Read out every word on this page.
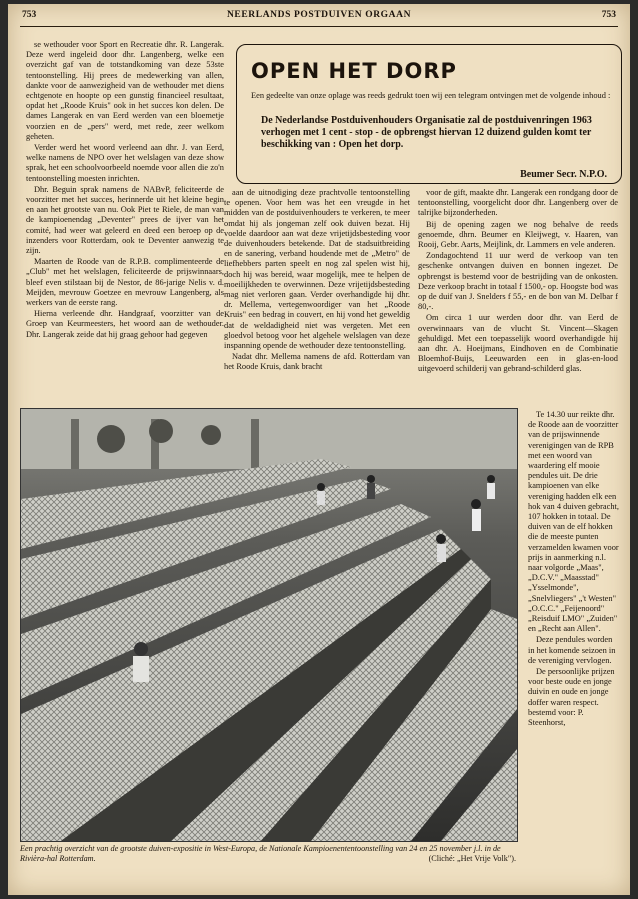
753	NEERLANDS POSTDUIVEN ORGAAN	753

se wethouder voor Sport en Recreatie dhr. R. Langerak. Deze werd ingeleid door dhr. Langenberg, welke een overzicht gaf van de totstandkoming van deze 53ste tentoonstelling. Hij prees de medewerking van allen, dankte voor de aanwezigheid van de wethouder met diens echtgenote en hoopte op een gunstig financieel resultaat, opdat het „Roode Kruis" ook in het succes kon delen. De dames Langerak en van Eerd werden van een bloemetje voorzien en de „pers" werd, met rede, zeer welkom geheten.

Verder werd het woord verleend aan dhr. J. van Eerd, welke namens de NPO over het welslagen van deze show sprak, het een schoolvoorbeeld noemde voor allen die zo'n tentoonstelling moesten inrichten.

Dhr. Beguin sprak namens de NABvP, feliciteerde de voorzitter met het succes, herinnerde uit het kleine begin en aan het grootste van nu. Ook Piet te Riele, de man van de kampioenendag „Deventer" prees de ijver van het comité, had weer wat geleerd en deed een beroep op de inzenders voor Rotterdam, ook te Deventer aanwezig te zijn.

Maarten de Roode van de R.P.B. complimenteerde de „Club" met het welslagen, feliciteerde de prijswinnaars, bleef even stilstaan bij de Nestor, de 86-jarige Nelis v. d. Meijden, mevrouw Goetzee en mevrouw Langenberg, als werkers van de eerste rang.

Hierna verleende dhr. Handgraaf, voorzitter van de Groep van Keurmeesters, het woord aan de wethouder. Dhr. Langerak zeide dat hij graag gehoor had gegeven

OPEN HET DORP
Een gedeelte van onze oplage was reeds gedrukt toen wij een telegram ontvingen met de volgende inhoud :
De Nederlandse Postduivenhouders Organisatie zal de postduivenringen 1963 verhogen met 1 cent - stop - de opbrengst hiervan 12 duizend gulden komt ter beschikking van : Open het dorp.
Beumer Secr. N.P.O.

aan de uitnodiging deze prachtvolle tentoonstelling te openen. Voor hem was het een vreugde in het midden van de postduivenhouders te verkeren, te meer omdat hij als jongeman zelf ook duiven bezat. Hij voelde daardoor aan wat deze vrijetijdsbesteding voor de duivenhouders betekende. Dat de stadsuitbreiding en de sanering, verband houdende met de „Metro" de liefhebbers parten speelt en nog zal spelen wist hij, doch hij was bereid, waar mogelijk, mee te helpen de moeilijkheden te overwinnen. Deze vrijetijdsbesteding mag niet verloren gaan. Verder overhandigde hij dhr. dr. Mellema, vertegenwoordiger van het „Roode Kruis" een bedrag in couvert, en hij vond het geweldig dat de weldadigheid niet was vergeten. Met een gloedvol betoog voor het algehele welslagen van deze inspanning opende de wethouder deze tentoonstelling.

Nadat dhr. Mellema namens de afd. Rotterdam van het Roode Kruis, dank bracht

voor de gift, maakte dhr. Langerak een rondgang door de tentoonstelling, voorgelicht door dhr. Langenberg over de talrijke bijzonderheden.

Bij de opening zagen we nog behalve de reeds genoemde, dhrn. Beumer en Kleijwegt, v. Haaren, van Rooij, Gebr. Aarts, Meijlink, dr. Lammers en vele anderen.

Zondagochtend 11 uur werd de verkoop van ten geschenke ontvangen duiven en bonnen ingezet. De opbrengst is bestemd voor de bestrijding van de onkosten. Deze verkoop bracht in totaal f 1500,- op. Hoogste bod was op de duif van J. Snelders f 55,- en de bon van M. Delbar f 80,-.

Om circa 1 uur werden door dhr. van Eerd de overwinnaars van de vlucht St. Vincent—Skagen gehuldigd. Met een toepasselijk woord overhandigde hij aan dhr. A. Hoeijmans, Eindhoven en de Combinatie Bloemhof-Buijs, Leeuwarden een in glas-en-lood uitgevoerd schilderij van gebrand-schilderd glas.

Te 14.30 uur reikte dhr. de Roode aan de voorzitter van de prijswinnende verenigingen van de RPB met een woord van waardering elf mooie pendules uit. De drie kampioenen van elke vereniging hadden elk een hok van 4 duiven gebracht, 107 hokken in totaal. De duiven van de elf hokken die de meeste punten verzamelden kwamen voor prijs in aanmerking n.l. naar volgorde „Maas", „D.C.V." „Maasstad" „Ysselmonde", „Snelvliegers" „'t Westen" „O.C.C." „Feijenoord" „Reisduif LMO" „Zuiden" en „Recht aan Allen".

Deze pendules worden in het komende seizoen in de vereniging vervlogen.

De persoonlijke prijzen voor beste oude en jonge duivin en oude en jonge doffer waren respect. bestemd voor: P. Steenhorst,

Een prachtig overzicht van de grootste duiven-expositie in West-Europa, de Nationale Kampioenententoonstelling van 24 en 25 november j.l. in de Rivièra-hal Rotterdam.	(Cliché: „Het Vrije Volk").
